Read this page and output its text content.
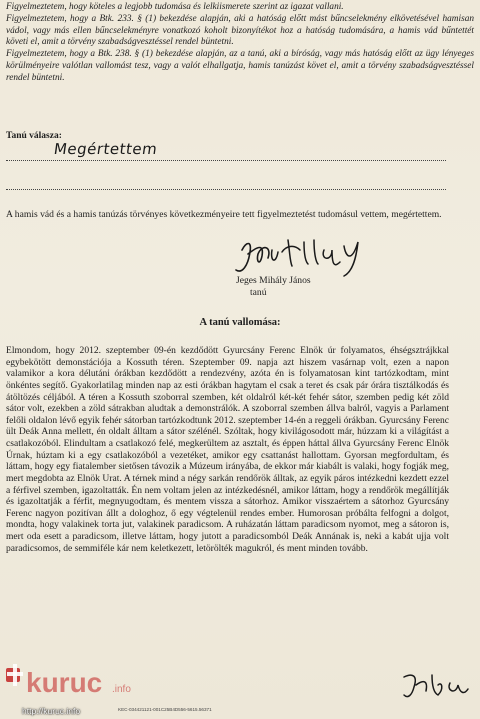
Figyelmeztetem, hogy köteles a legjobb tudomása és lelkiismerete szerint az igazat vallani.

Figyelmeztetem, hogy a Btk. 233. § (1) bekezdése alapján, aki a hatóság előtt mást bűncselekmény elkövetésével hamisan vádol, vagy más ellen bűncselekményre vonatkozó koholt bizonyítékot hoz a hatóság tudomására, a hamis vád bűntettét követi el, amit a törvény szabadságvesztéssel rendel büntetni.

Figyelmeztetem, hogy a Btk. 238. § (1) bekezdése alapján, az a tanú, aki a bíróság, vagy más hatóság előtt az ügy lényeges körülményeire valótlan vallomást tesz, vagy a valót elhallgatja, hamis tanúzást követ el, amit a törvény szabadságvesztéssel rendel büntetni.

Tanú válasza:
Megértettem
A hamis vád és a hamis tanúzás törvényes következményeire tett figyelmeztetést tudomásul vettem, megértettem.
Jeges Mihály János
tanú
A tanú vallomása:
Elmondom, hogy 2012. szeptember 09-én kezdődött Gyurcsány Ferenc Elnök úr folyamatos, éhségsztrájkkal egybekötött demonstációja a Kossuth téren. Szeptember 09. napja azt hiszem vasárnap volt, ezen a napon valamikor a kora délutáni órákban kezdődött a rendezvény, azóta én is folyamatosan kint tartózkodtam, mint önkéntes segítő. Gyakorlatilag minden nap az esti órákban hagytam el csak a teret és csak pár órára tisztálkodás és átöltözés céljából. A téren a Kossuth szoborral szemben, két oldalról két-két fehér sátor, szemben pedig két zöld sátor volt, ezekben a zöld sátrakban aludtak a demonstrálók. A szoborral szemben állva balról, vagyis a Parlament felőli oldalon lévő egyik fehér sátorban tartózkodtunk 2012. szeptember 14-én a reggeli órákban. Gyurcsány Ferenc ült Deák Anna mellett, én oldalt álltam a sátor szélénél. Szóltak, hogy kivilágosodott már, húzzam ki a világítást a csatlakozóból. Elindultam a csatlakozó felé, megkerültem az asztalt, és éppen háttal állva Gyurcsány Ferenc Elnök Úrnak, húztam ki a egy csatlakozóból a vezetéket, amikor egy csattanást hallottam. Gyorsan megfordultam, és láttam, hogy egy fiatalember sietősen távozik a Múzeum irányába, de ekkor már kiabált is valaki, hogy fogják meg, mert megdobta az Elnök Urat. A térnek mind a négy sarkán rendőrök álltak, az egyik páros intézkedni kezdett ezzel a férfivel szemben, igazoltatták. Én nem voltam jelen az intézkedésnél, amikor láttam, hogy a rendőrök megállítják és igazoltatják a férfit, megnyugodtam, és mentem vissza a sátorhoz. Amikor visszaértem a sátorhoz Gyurcsány Ferenc nagyon pozitívan állt a dologhoz, ő egy végtelenül rendes ember. Humorosan próbálta felfogni a dolgot, mondta, hogy valakinek torta jut, valakinek paradicsom. A ruházatán láttam paradicsom nyomot, meg a sátoron is, mert oda esett a paradicsom, illetve láttam, hogy jutott a paradicsomból Deák Annának is, neki a kabát ujja volt paradicsomos, de semmiféle kár nem keletkezett, letörölték magukról, és ment minden tovább.
kuruc .info
http://kuruc.info	KEC-034421121-001C25B4D556-5615.56371
